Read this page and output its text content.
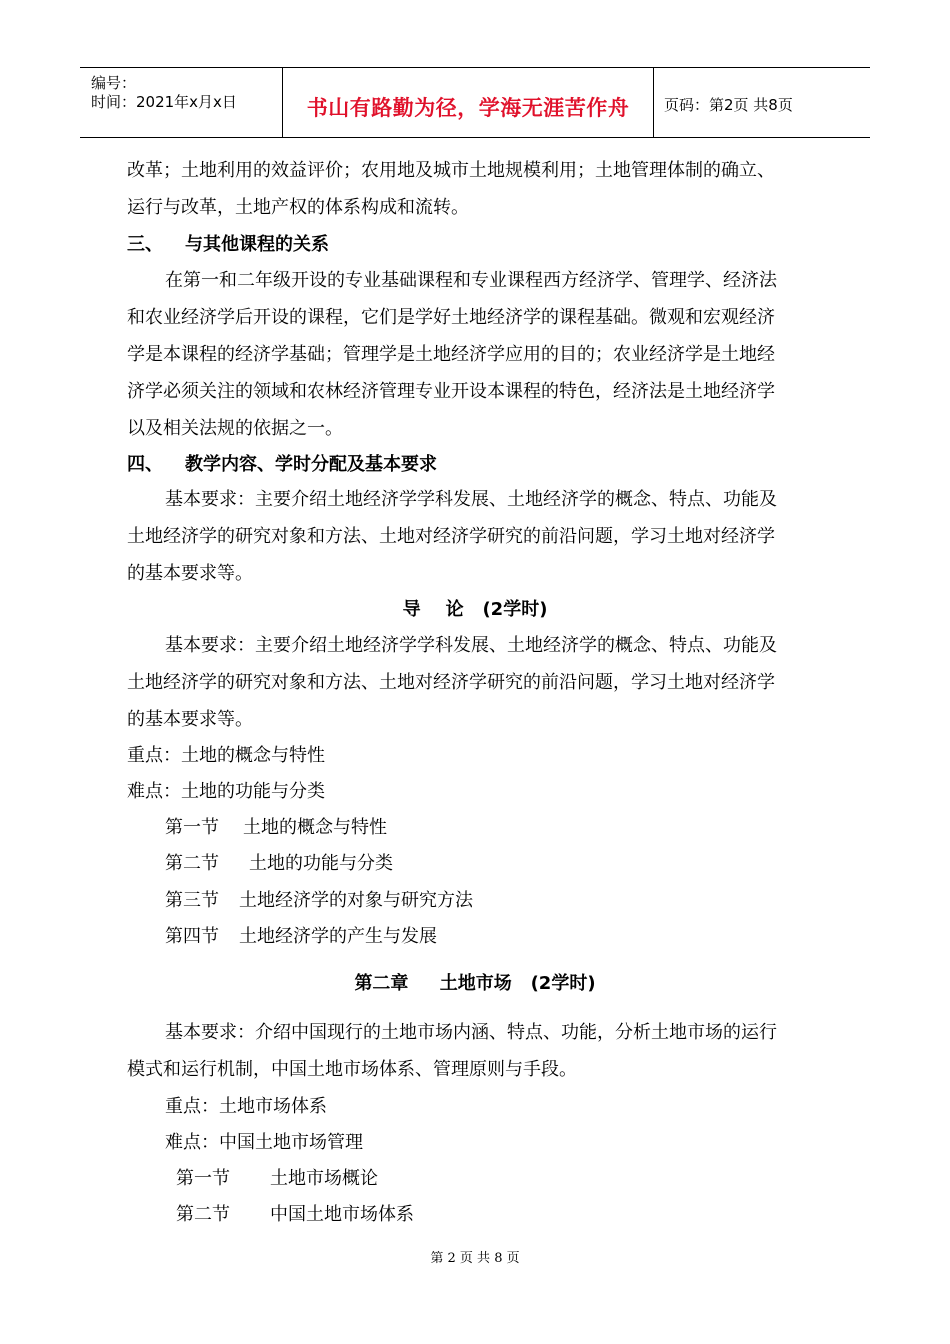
编号：
时间：2021年x月x日	书山有路勤为径，学海无涯苦作舟	页码：第2页 共8页
改革；土地利用的效益评价；农用地及城市土地规模利用；土地管理体制的确立、
运行与改革，土地产权的体系构成和流转。
三、 与其他课程的关系
在第一和二年级开设的专业基础课程和专业课程西方经济学、管理学、经济法
和农业经济学后开设的课程，它们是学好土地经济学的课程基础。微观和宏观经济
学是本课程的经济学基础；管理学是土地经济学应用的目的；农业经济学是土地经
济学必须关注的领域和农林经济管理专业开设本课程的特色，经济法是土地经济学
以及相关法规的依据之一。
四、 教学内容、学时分配及基本要求
基本要求：主要介绍土地经济学学科发展、土地经济学的概念、特点、功能及
土地经济学的研究对象和方法、土地对经济学研究的前沿问题，学习土地对经济学
的基本要求等。
导    论   (2学时)
基本要求：主要介绍土地经济学学科发展、土地经济学的概念、特点、功能及
土地经济学的研究对象和方法、土地对经济学研究的前沿问题，学习土地对经济学
的基本要求等。
重点：土地的概念与特性
难点：土地的功能与分类
第一节 土地的概念与特性
第二节 土地的功能与分类
第三节 土地经济学的对象与研究方法
第四节 土地经济学的产生与发展
第二章     土地市场   (2学时)
基本要求：介绍中国现行的土地市场内涵、特点、功能，分析土地市场的运行
模式和运行机制，中国土地市场体系、管理原则与手段。
重点：土地市场体系
难点：中国土地市场管理
第一节 土地市场概论
第二节 中国土地市场体系
第 2 页 共 8 页
